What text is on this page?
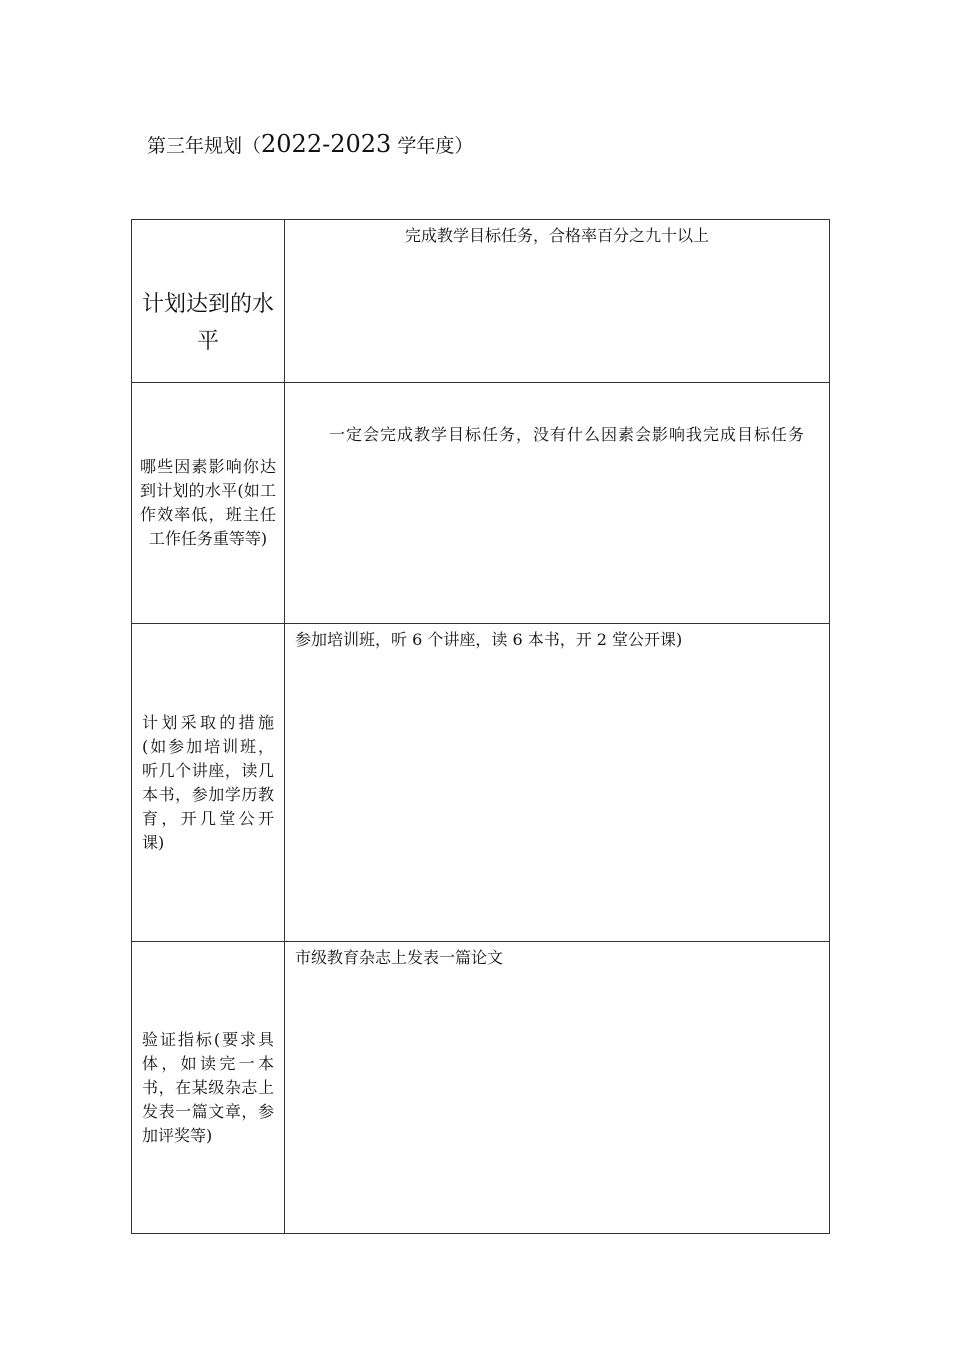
第三年规划（2022-2023 学年度）
计划达到的水平	完成教学目标任务，合格率百分之九十以上

哪些因素影响你达到计划的水平(如工作效率低，班主任工作任务重等等)	一定会完成教学目标任务，没有什么因素会影响我完成目标任务

计划采取的措施(如参加培训班，听几个讲座，读几本书，参加学历教育，开几堂公开课)	参加培训班，听 6 个讲座，读 6 本书，开 2 堂公开课)

验证指标(要求具体，如读完一本书，在某级杂志上发表一篇文章，参加评奖等)	市级教育杂志上发表一篇论文
